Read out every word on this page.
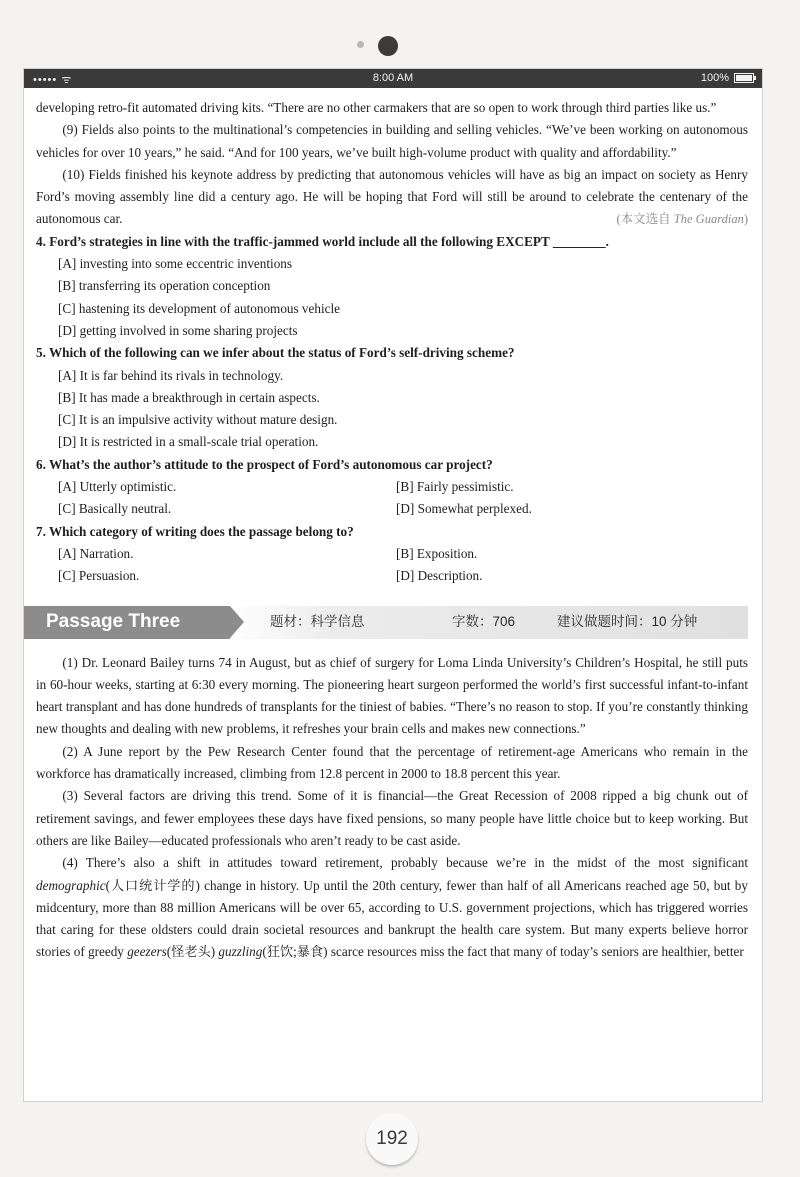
••••• ᯤ	8:00 AM	100%

developing retro-fit automated driving kits. “There are no other carmakers that are so open to work through third parties like us.”

(9) Fields also points to the multinational’s competencies in building and selling vehicles. “We’ve been working on autonomous vehicles for over 10 years,” he said. “And for 100 years, we’ve built high-volume product with quality and affordability.”

(10) Fields finished his keynote address by predicting that autonomous vehicles will have as big an impact on society as Henry Ford’s moving assembly line did a century ago. He will be hoping that Ford will still be around to celebrate the centenary of the autonomous car.	(本文选自 The Guardian)

4. Ford’s strategies in line with the traffic-jammed world include all the following EXCEPT ________.

[A] investing into some eccentric inventions

[B] transferring its operation conception

[C] hastening its development of autonomous vehicle

[D] getting involved in some sharing projects

5. Which of the following can we infer about the status of Ford’s self-driving scheme?

[A] It is far behind its rivals in technology.

[B] It has made a breakthrough in certain aspects.

[C] It is an impulsive activity without mature design.

[D] It is restricted in a small-scale trial operation.

6. What’s the author’s attitude to the prospect of Ford’s autonomous car project?

[A] Utterly optimistic.	[B] Fairly pessimistic.

[C] Basically neutral.	[D] Somewhat perplexed.

7. Which category of writing does the passage belong to?

[A] Narration.	[B] Exposition.

[C] Persuasion.	[D] Description.

Passage Three	题材：科学信息	字数：706	建议做题时间：10 分钟

(1) Dr. Leonard Bailey turns 74 in August, but as chief of surgery for Loma Linda University’s Children’s Hospital, he still puts in 60-hour weeks, starting at 6:30 every morning. The pioneering heart surgeon performed the world’s first successful infant-to-infant heart transplant and has done hundreds of transplants for the tiniest of babies. “There’s no reason to stop. If you’re constantly thinking new thoughts and dealing with new problems, it refreshes your brain cells and makes new connections.”

(2) A June report by the Pew Research Center found that the percentage of retirement-age Americans who remain in the workforce has dramatically increased, climbing from 12.8 percent in 2000 to 18.8 percent this year.

(3) Several factors are driving this trend. Some of it is financial—the Great Recession of 2008 ripped a big chunk out of retirement savings, and fewer employees these days have fixed pensions, so many people have little choice but to keep working. But others are like Bailey—educated professionals who aren’t ready to be cast aside.

(4) There’s also a shift in attitudes toward retirement, probably because we’re in the midst of the most significant demographic(人口统计学的) change in history. Up until the 20th century, fewer than half of all Americans reached age 50, but by midcentury, more than 88 million Americans will be over 65, according to U.S. government projections, which has triggered worries that caring for these oldsters could drain societal resources and bankrupt the health care system. But many experts believe horror stories of greedy geezers(怪老头) guzzling(狂饮;暴食) scarce resources miss the fact that many of today’s seniors are healthier, better

192
